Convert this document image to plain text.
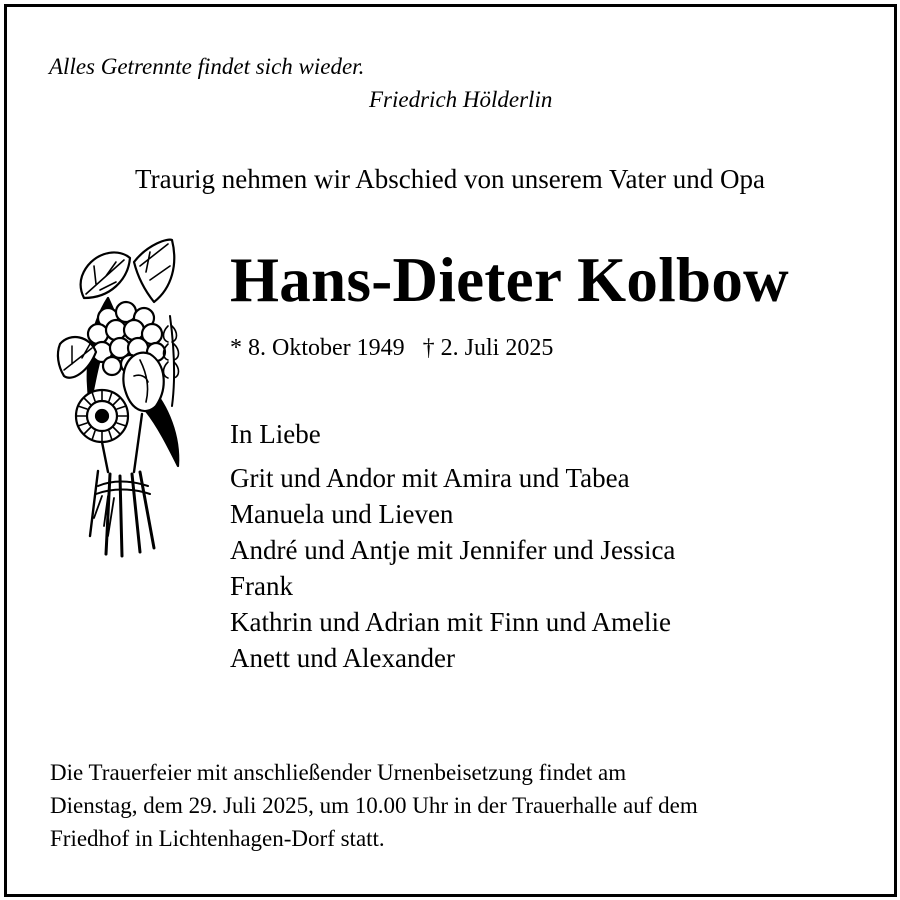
Alles Getrennte findet sich wieder.
Friedrich Hölderlin
Traurig nehmen wir Abschied von unserem Vater und Opa
Hans-Dieter Kolbow
* 8. Oktober 1949   † 2. Juli 2025
In Liebe
Grit und Andor mit Amira und Tabea
Manuela und Lieven
André und Antje mit Jennifer und Jessica
Frank
Kathrin und Adrian mit Finn und Amelie
Anett und Alexander
Die Trauerfeier mit anschließender Urnenbeisetzung findet am
Dienstag, dem 29. Juli 2025, um 10.00 Uhr in der Trauerhalle auf dem
Friedhof in Lichtenhagen-Dorf statt.
